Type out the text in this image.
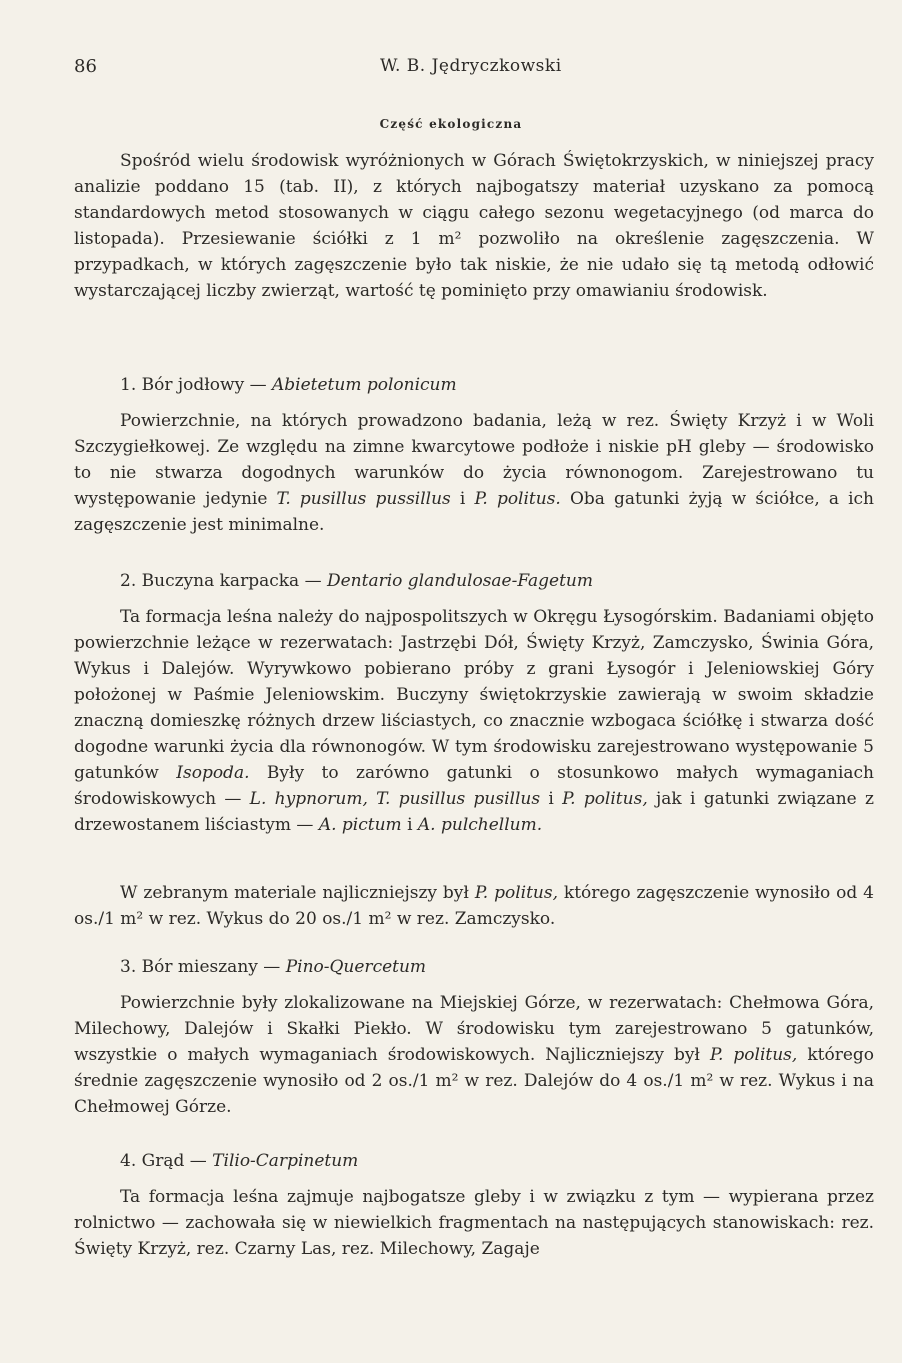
86	W. B. Jędryczkowski
Część ekologiczna

Spośród wielu środowisk wyróżnionych w Górach Świętokrzyskich, w niniejszej pracy analizie poddano 15 (tab. II), z których najbogatszy materiał uzyskano za pomocą standardowych metod stosowanych w ciągu całego sezonu wegetacyjnego (od marca do listopada). Przesiewanie ściółki z 1 m² pozwoliło na określenie zagęszczenia. W przypadkach, w których zagęszczenie było tak niskie, że nie udało się tą metodą odłowić wystarczającej liczby zwierząt, wartość tę pominięto przy omawianiu środowisk.

1. Bór jodłowy — Abietetum polonicum

Powierzchnie, na których prowadzono badania, leżą w rez. Święty Krzyż i w Woli Szczygiełkowej. Ze względu na zimne kwarcytowe podłoże i niskie pH gleby — środowisko to nie stwarza dogodnych warunków do życia równonogom. Zarejestrowano tu występowanie jedynie T. pusillus pussillus i P. politus. Oba gatunki żyją w ściółce, a ich zagęszczenie jest minimalne.

2. Buczyna karpacka — Dentario glandulosae-Fagetum

Ta formacja leśna należy do najpospolitszych w Okręgu Łysogórskim. Badaniami objęto powierzchnie leżące w rezerwatach: Jastrzębi Dół, Święty Krzyż, Zamczysko, Świnia Góra, Wykus i Dalejów. Wyrywkowo pobierano próby z grani Łysogór i Jeleniowskiej Góry położonej w Paśmie Jeleniowskim. Buczyny świętokrzyskie zawierają w swoim składzie znaczną domieszkę różnych drzew liściastych, co znacznie wzbogaca ściółkę i stwarza dość dogodne warunki życia dla równonogów. W tym środowisku zarejestrowano występowanie 5 gatunków Isopoda. Były to zarówno gatunki o stosunkowo małych wymaganiach środowiskowych — L. hypnorum, T. pusillus pusillus i P. politus, jak i gatunki związane z drzewostanem liściastym — A. pictum i A. pulchellum.

W zebranym materiale najliczniejszy był P. politus, którego zagęszczenie wynosiło od 4 os./1 m² w rez. Wykus do 20 os./1 m² w rez. Zamczysko.

3. Bór mieszany — Pino-Quercetum

Powierzchnie były zlokalizowane na Miejskiej Górze, w rezerwatach: Chełmowa Góra, Milechowy, Dalejów i Skałki Piekło. W środowisku tym zarejestrowano 5 gatunków, wszystkie o małych wymaganiach środowiskowych. Najliczniejszy był P. politus, którego średnie zagęszczenie wynosiło od 2 os./1 m² w rez. Dalejów do 4 os./1 m² w rez. Wykus i na Chełmowej Górze.

4. Grąd — Tilio-Carpinetum

Ta formacja leśna zajmuje najbogatsze gleby i w związku z tym — wypierana przez rolnictwo — zachowała się w niewielkich fragmentach na następujących stanowiskach: rez. Święty Krzyż, rez. Czarny Las, rez. Milechowy, Zagaje
